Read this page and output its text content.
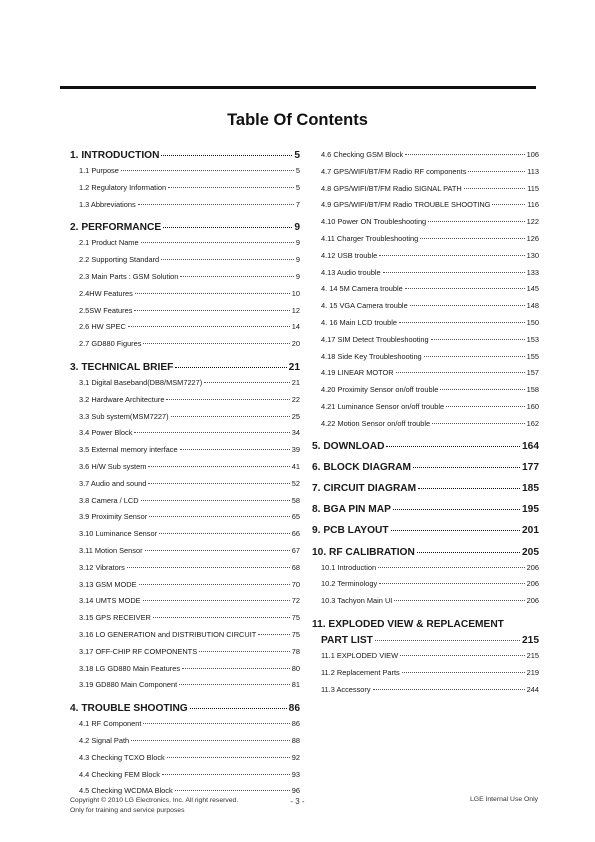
Table Of Contents
1. INTRODUCTION	5
1.1 Purpose	5
1.2 Regulatory Information	5
1.3 Abbreviations	7
2. PERFORMANCE	9
2.1 Product Name	9
2.2 Supporting Standard	9
2.3 Main Parts : GSM Solution	9
2.4HW Features	10
2.5SW Features	12
2.6 HW SPEC	14
2.7 GD880 Figures	20
3. TECHNICAL BRIEF	21
3.1 Digital Baseband(DB8/MSM7227)	21
3.2 Hardware Architecture	22
3.3 Sub system(MSM7227)	25
3.4 Power Block	34
3.5 External memory interface	39
3.6 H/W Sub system	41
3.7 Audio and sound	52
3.8 Camera / LCD	58
3.9 Proximity Sensor	65
3.10 Luminance Sensor	66
3.11 Motion Sensor	67
3.12 Vibrators	68
3.13 GSM MODE	70
3.14 UMTS MODE	72
3.15 GPS RECEIVER	75
3.16 LO GENERATION and DISTRIBUTION CIRCUIT	75
3.17 OFF-CHIP RF COMPONENTS	78
3.18 LG GD880 Main Features	80
3.19 GD880 Main Component	81
4. TROUBLE SHOOTING	86
4.1 RF Component	86
4.2 Signal Path	88
4.3 Checking TCXO Block	92
4.4 Checking FEM Block	93
4.5 Checking WCDMA Block	96
4.6 Checking GSM Block	106
4.7 GPS/WIFI/BT/FM Radio RF components	113
4.8 GPS/WIFI/BT/FM Radio SIGNAL PATH	115
4.9 GPS/WIFI/BT/FM Radio TROUBLE SHOOTING	116
4.10 Power ON Troubleshooting	122
4.11 Charger Troubleshooting	126
4.12 USB trouble	130
4.13 Audio trouble	133
4. 14 5M Camera trouble	145
4. 15 VGA Camera trouble	148
4. 16 Main LCD trouble	150
4.17 SIM Detect Troubleshooting	153
4.18 Side Key Troubleshooting	155
4.19 LINEAR MOTOR	157
4.20 Proximity Sensor on/off trouble	158
4.21 Luminance Sensor on/off trouble	160
4.22 Motion Sensor on/off trouble	162
5. DOWNLOAD	164
6. BLOCK DIAGRAM	177
7. CIRCUIT DIAGRAM	185
8. BGA PIN MAP	195
9. PCB LAYOUT	201
10. RF CALIBRATION	205
10.1 Introduction	206
10.2 Terminology	206
10.3 Tachyon Main UI	206
11. EXPLODED VIEW & REPLACEMENT
PART LIST	215
11.1 EXPLODED VIEW	215
11.2 Replacement Parts	219
11.3 Accessory	244
Copyright © 2010 LG Electronics. Inc. All right reserved.
Only for training and service purposes
- 3 -	LGE Internal Use Only
